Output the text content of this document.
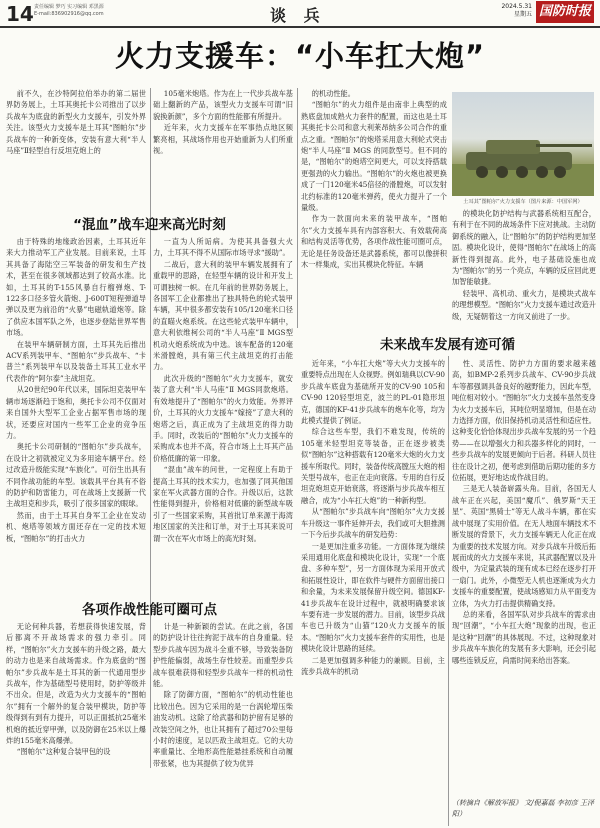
14 责任编辑 梦巧 实习编辑 邓黑源
E-mail:836902916@qq.com	谈 兵	2024.5.31
星期五 国防时报
火力支援车：“小车扛大炮”

前不久，在沙特阿拉伯举办的第二届世界防务展上，土耳其奥托卡公司推出了以步兵战车为底盘的新型火力支援车，引发外界关注。该型火力支援车是土耳其“图帕尔”步兵战车的一种新变体，安装有意大利“半人马座”Ⅱ轻型自行反坦克炮上的

105毫米炮塔。作为在上一代步兵战车基础上翻新的产品，该型火力支援车可谓“旧貌换新颜”，多个方面的性能都有所提升。

近年来，火力支援车在军事热点地区频繁亮相，其战场作用也开始重新为人们所重视。

的机动性能。

“图帕尔”的火力组件是由南非上典型的成熟底盘加成熟火力套件的配置，而这也是土耳其奥托卡公司和意大利莱昂纳多公司合作的重点之重。“图帕尔”的炮塔采用意大利轮式突击炮“半人马座”Ⅱ MGS 的同款型号。但不同的是，“图帕尔”的炮塔空间更大，可以支持搭载更强劲的火力输出。“图帕尔”的火炮也被更换成了一门120毫米45倍径的滑膛炮，可以发射北约标准的120毫米弹药，使火力提升了一个量级。

作为一款面向未来的装甲战车，“图帕尔”火力支援车具有内部容积大、有效载荷高和结构灵活等优势，各项作战性能可圈可点，无论是任务设备还是武器系统，都可以像拼积木一样集成，实出其模块化特征。车辆

土耳其“图帕尔”火力支援车（图片来源：中国军网）

的模块化防护结构与武器系统相互配合，有利于在不同的战场条件下应对挑战。主动防御系统的融入，让“图帕尔”的防护结构更加坚固。模块化设计，使得“图帕尔”在战场上的高新性得到提高。此外，电子基础设施也成为“图帕尔”的另一个亮点，车辆的反应回此更加智能敏捷。

轻装甲、高机动、重火力，是模块式战车的理想模型。“图帕尔”火力支援车通过改造升级，无疑朝着这一方向又前进了一步。

“混血”战车迎来高光时刻

由于特殊的地缘政治因素，土耳其近年来大力推动军工产业发展。目前来说，土耳其具备了海陆空三军装备的研发和生产技术，甚至在很多领域都达到了较高水准。比如，土耳其的T-155风暴自行榴弹炮、T-122多口径多管火箭炮、J-600T短程弹道导弹以及更为前沿的“火暴”电磁轨道炮等。除了供应本国军队之外，也逐步登陆世界军售市场。

在装甲车辆研制方面，土耳其先后推出ACV系列装甲车、“图帕尔”步兵战车、“卡普兰”系列装甲车以及装备土耳其工业水平代表作的“阿尔泰”主战坦克。

从20世纪90年代以来，国际坦克装甲车辆市场逐渐趋于饱和，奥托卡公司不仅面对来自国外大型军工企业占据军售市场的现状，还要应对国内一些军工企业的竞争压力。

奥托卡公司研制的“图帕尔”步兵战车，在设计之初就被定义为多用途车辆平台。经过改造升级能实现“车族化”。可衍生出具有不同作战功能的车型。该载具平台具有不俗的防护和防雷能力，可在战场上支援新一代主战坦克和步兵，吸引了很多国家的眼球。

然而，由于土耳其自身军工企业在发动机、炮塔等领域方面还存在一定的技术短板，“图帕尔”的打击火力

一直为人所诟病。为使其具备强大火力，土耳其不得不从国际市场寻求“援助”。

二战后，意大利的装甲车辆发展拥有了重载甲的思路，在轻型车辆的设计和开发上可谓独树一帜。在几年前的世界防务展上，各国军工企业都推出了独具特色的轮式装甲车辆，其中很多都安装有105/120毫米口径的直瞄火炮系统。在这些轮式装甲车辆中，意大利依维柯公司的“半人马座”Ⅱ MGS型机动火炮系统成为中选。该车配备的120毫米滑膛炮，具有第三代主战坦克的打击能力。

此次升级的“图帕尔”火力支援车，就安装了意大利“半人马座”Ⅱ MGS同款炮塔。有效地提升了“图帕尔”的火力效能。外界评价，土耳其的火力支援车“嫁接”了意大利的炮塔之后，真正成为了主战坦克的得力助手。同时，改装后的“图帕尔”火力支援车的采购成本也并不高，符合市场上土耳其产品价格低廉的第一印象。

“混血”战车的问世，一定程度上有助于提高土耳其的技术实力，也加强了同其他国家在军火武器方面的合作。升级以后，这款性能得到提升，价格相对低廉的新型战车吸引了一些国家采购，其首批订单来源于海湾地区国家的关注和订单，对于土耳其来说可谓一次在军火市场上的高光时刻。

各项作战性能可圈可点

无论何种兵器，若想获得快速发展，背后都离不开战场需求的强力牵引。同样，“图帕尔”火力支援车的升级之路，最大的动力也是来自战场需求。作为底盘的“图帕尔”步兵战车是土耳其的新一代通用型步兵战车，作为基础型号使用时，防护等级并不出众。但是，改造为火力支援车的“图帕尔”拥有一个解外的复合装甲模块，防护等级得到有到有力提升，可以正面抵抗25毫米机炮的抵近穿甲弹，以及防御在25米以上爆炸的155毫米高爆弹。

“图帕尔”这种复合装甲包的设

计是一种新颖的尝试。在此之前，各国的防护设计往往拘泥于战车的自身重量。轻型步兵战车因为战斗全重不够，导致装备防护性能偏弱，战场生存性较差。而重型步兵战车很难获得和轻型步兵战车一样的机动性能。

除了防御方面，“图帕尔”的机动性能也比较出色。因为它采用的是一台涡轮增压柴油发动机。这除了给武器和防护留有足够的改装空间之外，也让其拥有了超过70公里每小时的速度，足以匹敌主战坦克。它的大功率重量比、全地形高性能悬挂系统和自动履带张紧，也为其提供了较为优异

未来战车发展有迹可循

近年来，“小车扛大炮”等大火力支援车的重要特点出现在人众视野。例如瑞典以CV-90步兵战车底盘为基础所开发的CV-90 105和CV-90 120轻型坦克，波兰的PL-01隐形坦克，德国的KF-41步兵战车的炮车化等，均为此模式提供了例证。

综合这些车型，我们不难发现，传统的105毫米轻型坦克等装备，正在逐步被类似“图帕尔”这种搭载有120毫米大炮的火力支援车所取代。同时，装备传统高膛压大炮的相关型号战车，也正在走向衰落。专用的自行反坦克炮坦克开始衰落，将逐渐与步兵战车相互融合，成为“小车扛大炮”的一种新构型。

从“图帕尔”步兵战车向“图帕尔”火力支援车升级这一事件延伸开去，我们或可大胆推测一下今后步兵战车的研发趋势：

一是更加注重多功能。一方面体现为继续采用通用化底盘和模块化设计，实现“一个底盘、多种车型”，另一方面体现为采用开放式和拓展性设计，即在软件与硬件方面留出接口和余量，为未来发展保留升级空间。德国KF-41步兵战车在设计过程中，就被明确要求该车要有进一步发展的潜力。目前，该型步兵战车也已升级为“山猫”120火力支援车的版本。“图帕尔”火力支援车套件的实用性，也是模块化设计思路的延续。

二是更加强调多种能力的兼顾。目前，主流步兵战车的机动

性、灵活性、防护力方面的要求越来越高，如BMP-2系列步兵战车、CV-90步兵战车等都强调具备良好的越野能力，因此车型，吨位相对较小。“图帕尔”火力支援车虽然变身为火力支援车后，其吨位明显增加，但是在动力选择方面，依旧保持机动灵活性和适应性。这种变化恰恰体现出步兵战车发展的另一个趋势——在以增强火力和兵器多样化的同时，一些步兵战车的发展更倾向于后者。科研人员往往在设计之初，便考虑到借助后期功能的多方位拓展，更好地达成作战目的。

三是无人装备崭露头角。目前，各国无人战车正在兴起，美国“魔爪”、俄罗斯“天王星”、英国“黑骑士”等无人战斗车辆，都在实战中展现了实用价值。在无人地面车辆技术不断发展的背景下，火力支援车辆无人化正在成为重要的技术发展方向。对步兵战车升级后拓展而成的火力支援车来说，其武器配置以及升级中，为定量武装的现有成本已经在逐步打开一扇门。此外，小微型无人机也逐渐成为火力支援车的重要配置，使战场感知力从平面变为立体，为火力打击提供精确支持。

总的来看，各国军队对步兵战车的需求由现“回潮”，“小车扛大炮”现象的出现，也正是这种“回潮”的具体展现。不过，这种现象对步兵战车车族化的发展有多大影响，还会引起哪些连锁反应，尚需时间来给出答案。

（转摘自《解放军报》 文/倪嘉磊 李初彦 王泽阳）
